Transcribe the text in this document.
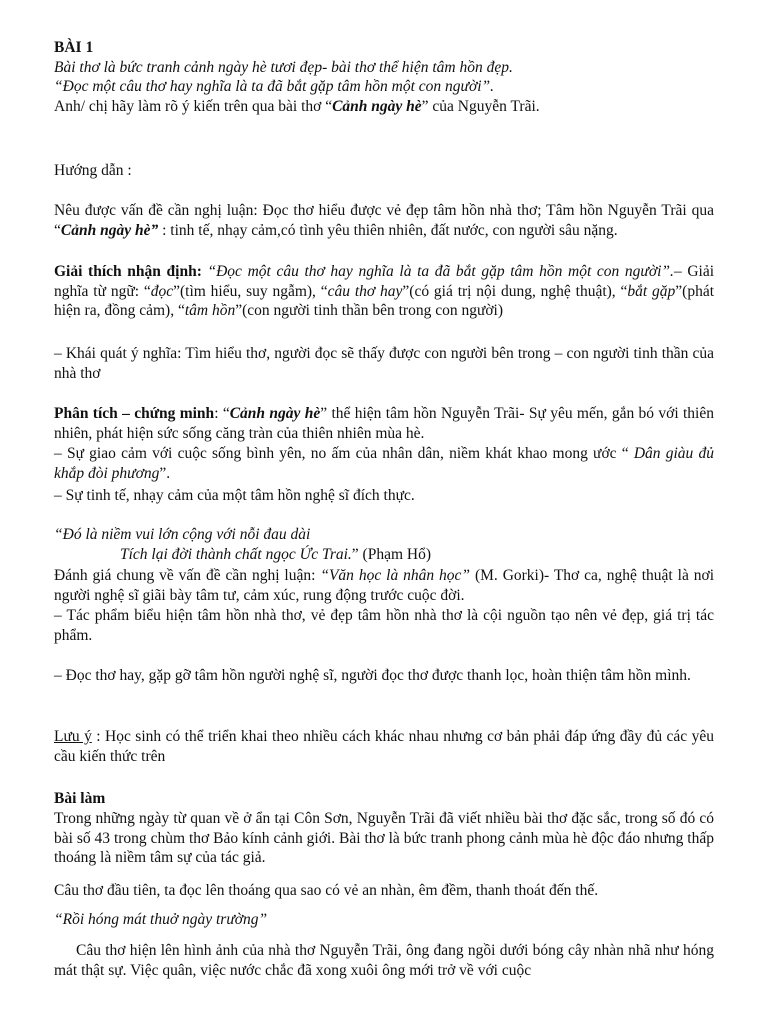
BÀI 1
Bài thơ là bức tranh cảnh ngày hè tươi đẹp- bài thơ thể hiện tâm hồn đẹp.
“Đọc một câu thơ hay nghĩa là ta đã bắt gặp tâm hồn một con người”.
Anh/ chị hãy làm rõ ý kiến trên qua bài thơ “Cảnh ngày hè” của Nguyễn Trãi.
Hướng dẫn :
Nêu được vấn đề cần nghị luận: Đọc thơ hiểu được vẻ đẹp tâm hồn nhà thơ; Tâm hồn Nguyễn Trãi qua “Cảnh ngày hè” : tinh tế, nhạy cảm,có tình yêu thiên nhiên, đất nước, con người sâu nặng.
Giải thích nhận định: “Đọc một câu thơ hay nghĩa là ta đã bắt gặp tâm hồn một con người”.– Giải nghĩa từ ngữ: “đọc”(tìm hiểu, suy ngẫm), “câu thơ hay”(có giá trị nội dung, nghệ thuật), “bắt gặp”(phát hiện ra, đồng cảm), “tâm hồn”(con người tinh thần bên trong con người)
– Khái quát ý nghĩa: Tìm hiểu thơ, người đọc sẽ thấy được con người bên trong – con người tinh thần của nhà thơ
Phân tích – chứng minh: “Cảnh ngày hè” thể hiện tâm hồn Nguyễn Trãi- Sự yêu mến, gắn bó với thiên nhiên, phát hiện sức sống căng tràn của thiên nhiên mùa hè.
– Sự giao cảm với cuộc sống bình yên, no ấm của nhân dân, niềm khát khao mong ước “ Dân giàu đủ khắp đòi phương”.
– Sự tinh tế, nhạy cảm của một tâm hồn nghệ sĩ đích thực.
“Đó là niềm vui lớn cộng với nỗi đau dài
Tích lại đời thành chất ngọc Ức Trai.” (Phạm Hổ)
Đánh giá chung về vấn đề cần nghị luận: “Văn học là nhân học” (M. Gorki)- Thơ ca, nghệ thuật là nơi người nghệ sĩ giãi bày tâm tư, cảm xúc, rung động trước cuộc đời.
– Tác phẩm biểu hiện tâm hồn nhà thơ, vẻ đẹp tâm hồn nhà thơ là cội nguồn tạo nên vẻ đẹp, giá trị tác phẩm.
– Đọc thơ hay, gặp gỡ tâm hồn người nghệ sĩ, người đọc thơ được thanh lọc, hoàn thiện tâm hồn mình.
Lưu ý : Học sinh có thể triển khai theo nhiều cách khác nhau nhưng cơ bản phải đáp ứng đầy đủ các yêu cầu kiến thức trên
Bài làm
Trong những ngày từ quan về ở ẩn tại Côn Sơn, Nguyễn Trãi đã viết nhiều bài thơ đặc sắc, trong số đó có bài số 43 trong chùm thơ Bảo kính cảnh giới. Bài thơ là bức tranh phong cảnh mùa hè độc đáo nhưng thấp thoáng là niềm tâm sự của tác giả.
Câu thơ đầu tiên, ta đọc lên thoáng qua sao có vẻ an nhàn, êm đềm, thanh thoát đến thế.
“Rồi hóng mát thuở ngày trường”
Câu thơ hiện lên hình ảnh của nhà thơ Nguyễn Trãi, ông đang ngồi dưới bóng cây nhàn nhã như hóng mát thật sự. Việc quân, việc nước chắc đã xong xuôi ông mới trở về với cuộc
